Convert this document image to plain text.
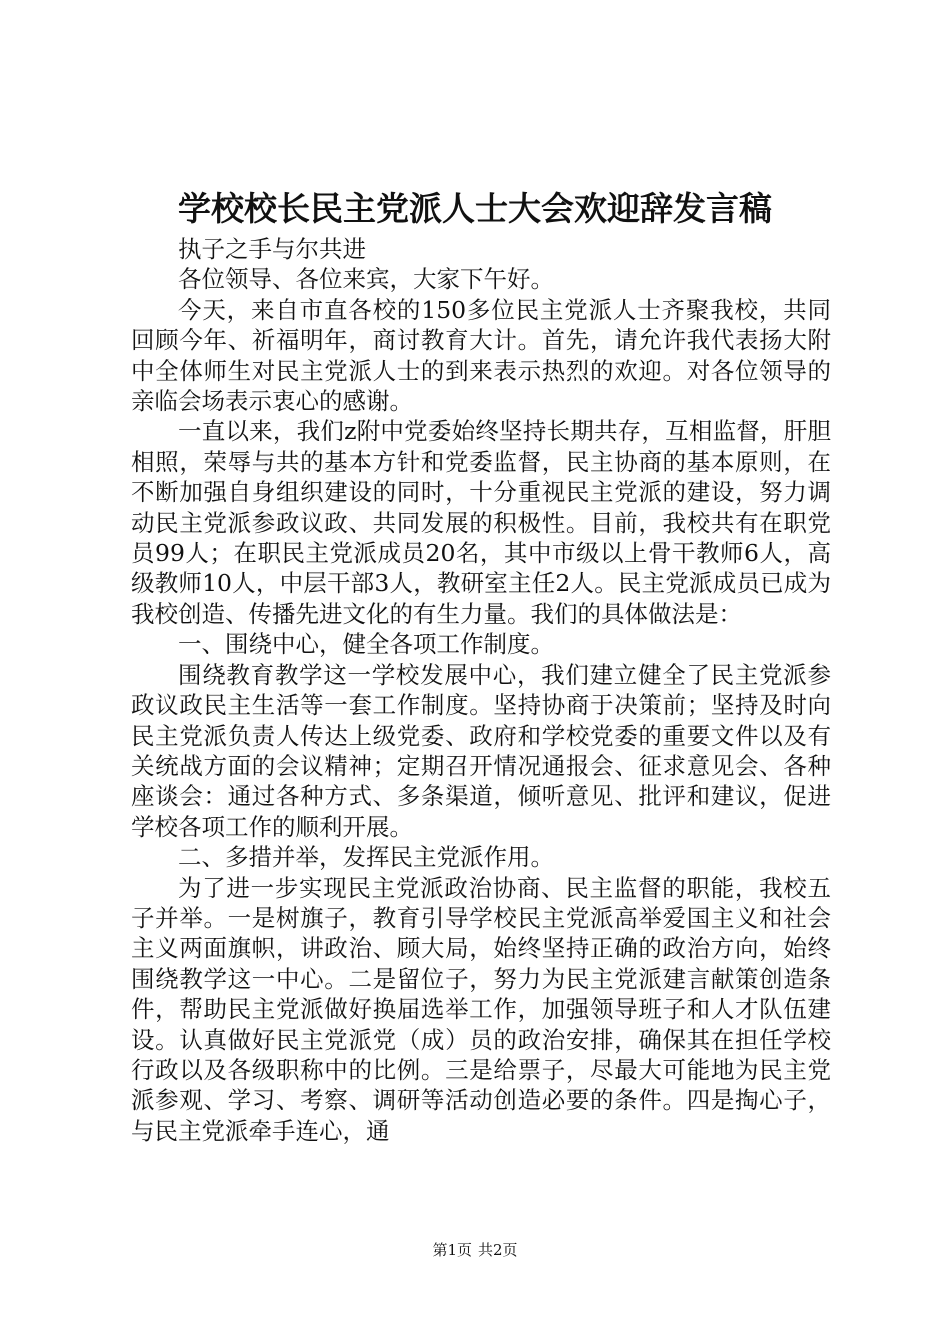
学校校长民主党派人士大会欢迎辞发言稿

执子之手与尔共进

各位领导、各位来宾，大家下午好。

今天，来自市直各校的150多位民主党派人士齐聚我校，共同回顾今年、祈福明年，商讨教育大计。首先，请允许我代表扬大附中全体师生对民主党派人士的到来表示热烈的欢迎。对各位领导的亲临会场表示衷心的感谢。

一直以来，我们z附中党委始终坚持长期共存，互相监督，肝胆相照，荣辱与共的基本方针和党委监督，民主协商的基本原则，在不断加强自身组织建设的同时，十分重视民主党派的建设，努力调动民主党派参政议政、共同发展的积极性。目前，我校共有在职党员99人；在职民主党派成员20名，其中市级以上骨干教师6人，高级教师10人，中层干部3人，教研室主任2人。民主党派成员已成为我校创造、传播先进文化的有生力量。我们的具体做法是：

一、围绕中心，健全各项工作制度。

围绕教育教学这一学校发展中心，我们建立健全了民主党派参政议政民主生活等一套工作制度。坚持协商于决策前；坚持及时向民主党派负责人传达上级党委、政府和学校党委的重要文件以及有关统战方面的会议精神；定期召开情况通报会、征求意见会、各种座谈会：通过各种方式、多条渠道，倾听意见、批评和建议，促进学校各项工作的顺利开展。

二、多措并举，发挥民主党派作用。

为了进一步实现民主党派政治协商、民主监督的职能，我校五子并举。一是树旗子，教育引导学校民主党派高举爱国主义和社会主义两面旗帜，讲政治、顾大局，始终坚持正确的政治方向，始终围绕教学这一中心。二是留位子，努力为民主党派建言献策创造条件，帮助民主党派做好换届选举工作，加强领导班子和人才队伍建设。认真做好民主党派党（成）员的政治安排，确保其在担任学校行政以及各级职称中的比例。三是给票子，尽最大可能地为民主党派参观、学习、考察、调研等活动创造必要的条件。四是掏心子，与民主党派牵手连心，通

第1页 共2页
